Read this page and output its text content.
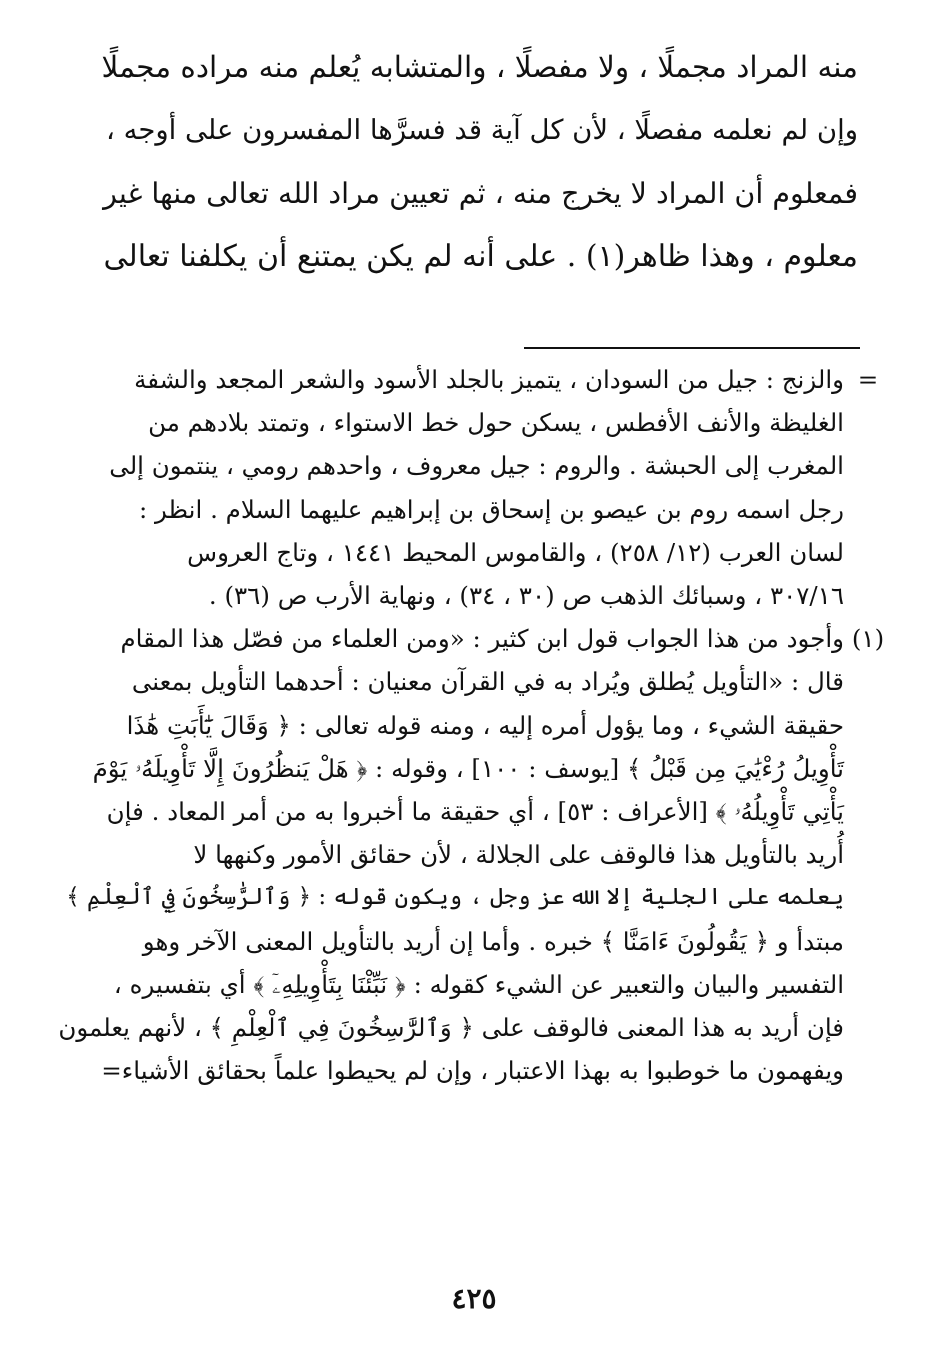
منه المراد مجملًا ، ولا مفصلًا ، والمتشابه يُعلم منه مراده مجملًا
وإن لم نعلمه مفصلًا ، لأن كل آية قد فسرَّها المفسرون على أوجه ،
فمعلوم أن المراد لا يخرج منه ، ثم تعيين مراد الله تعالى منها غير
معلوم ، وهذا ظاهر(١) . على أنه لم يكن يمتنع أن يكلفنا تعالى
=
والزنج : جيل من السودان ، يتميز بالجلد الأسود والشعر المجعد والشفة
الغليظة والأنف الأفطس ، يسكن حول خط الاستواء ، وتمتد بلادهم من
المغرب إلى الحبشة . والروم : جيل معروف ، واحدهم رومي ، ينتمون إلى
رجل اسمه روم بن عيصو بن إسحاق بن إبراهيم عليهما السلام . انظر :
لسان العرب (١٢/ ٢٥٨) ، والقاموس المحيط ١٤٤١ ، وتاج العروس
٣٠٧/١٦ ، وسبائك الذهب ص (٣٠ ، ٣٤) ، ونهاية الأرب ص (٣٦) .
(١)
وأجود من هذا الجواب قول ابن كثير : «ومن العلماء من فصّل هذا المقام
قال : «التأويل يُطلق ويُراد به في القرآن معنيان : أحدهما التأويل بمعنى
حقيقة الشيء ، وما يؤول أمره إليه ، ومنه قوله تعالى : ﴿ وَقَالَ يَٰٓأَبَتِ هَٰذَا
تَأْوِيلُ رُءْيَٰيَ مِن قَبْلُ ﴾ [يوسف : ١٠٠] ، وقوله : ﴿ هَلْ يَنظُرُونَ إِلَّا تَأْوِيلَهُۥ يَوْمَ
يَأْتِي تَأْوِيلُهُۥ ﴾ [الأعراف : ٥٣] ، أي حقيقة ما أخبروا به من أمر المعاد . فإن
أُريد بالتأويل هذا فالوقف على الجلالة ، لأن حقائق الأمور وكنهها لا
يعلمه على الجلية إلا الله عز وجل ، ويكون قوله : ﴿ وَٱلرَّٰسِخُونَ فِي ٱلْعِلْمِ ﴾
مبتدأ و ﴿ يَقُولُونَ ءَامَنَّا ﴾ خبره . وأما إن أريد بالتأويل المعنى الآخر وهو
التفسير والبيان والتعبير عن الشيء كقوله : ﴿ نَبِّئْنَا بِتَأْوِيلِهِۦٓ ﴾ أي بتفسيره ،
فإن أريد به هذا المعنى فالوقف على ﴿ وَٱلرَّٰسِخُونَ فِي ٱلْعِلْمِ ﴾ ، لأنهم يعلمون
ويفهمون ما خوطبوا به بهذا الاعتبار ، وإن لم يحيطوا علماً بحقائق الأشياء=
٤٢٥
